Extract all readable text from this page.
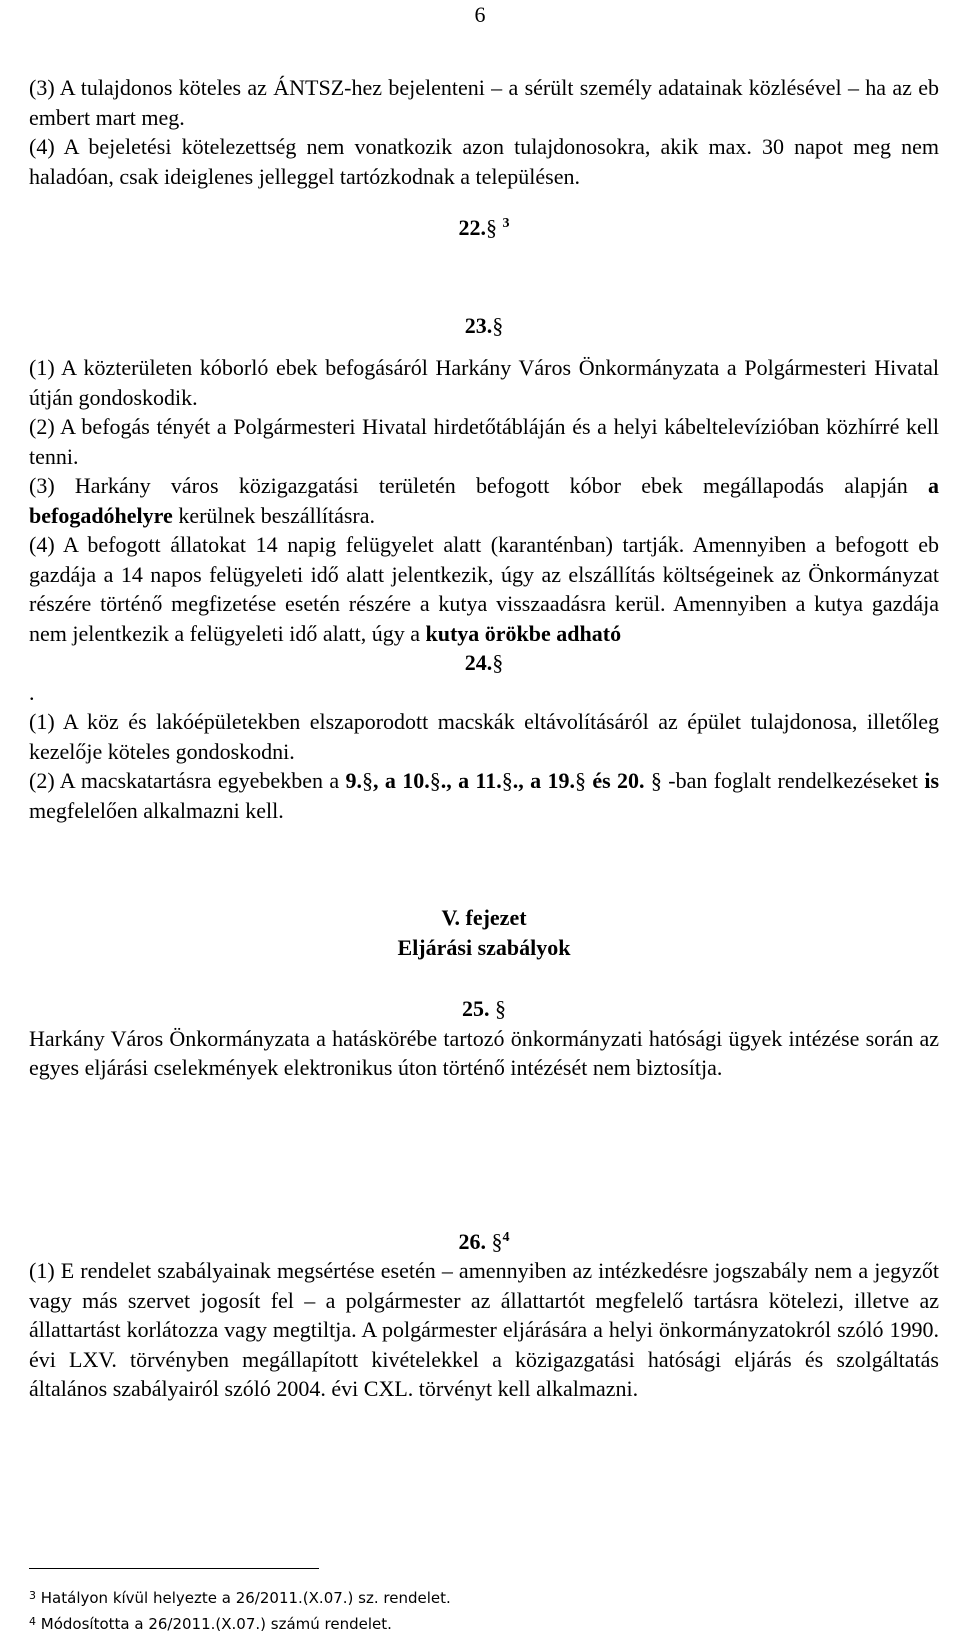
6

(3) A tulajdonos köteles az ÁNTSZ-hez bejelenteni – a sérült személy adatainak közlésével – ha az eb embert mart meg.

(4) A bejeletési kötelezettség nem vonatkozik azon tulajdonosokra, akik max. 30 napot meg nem haladóan, csak ideiglenes jelleggel tartózkodnak a településen.

22.§ $^3$

23.§

(1) A közterületen kóborló ebek befogásáról Harkány Város Önkormányzata a Polgármesteri Hivatal útján gondoskodik.

(2) A befogás tényét a Polgármesteri Hivatal hirdetőtábláján és a helyi kábeltelevízióban közhírré kell tenni.

(3) Harkány város közigazgatási területén befogott kóbor ebek megállapodás alapján a befogadóhelyre kerülnek beszállításra.

(4) A befogott állatokat 14 napig felügyelet alatt (karanténban) tartják. Amennyiben a befogott eb gazdája a 14 napos felügyeleti idő alatt jelentkezik, úgy az elszállítás költségeinek az Önkormányzat részére történő megfizetése esetén részére a kutya visszaadásra kerül. Amennyiben a kutya gazdája nem jelentkezik a felügyeleti idő alatt, úgy a kutya örökbe adható

24.§

.

(1) A köz és lakóépületekben elszaporodott macskák eltávolításáról az épület tulajdonosa, illetőleg kezelője köteles gondoskodni.

(2) A macskatartásra egyebekben a 9.§, a 10.§., a 11.§., a 19.§ és 20. § -ban foglalt rendelkezéseket is megfelelően alkalmazni kell.

V. fejezet

Eljárási szabályok

25. §

Harkány Város Önkormányzata a hatáskörébe tartozó önkormányzati hatósági ügyek intézése során az egyes eljárási cselekmények elektronikus úton történő intézését nem biztosítja.

26. §$^4$

(1) E rendelet szabályainak megsértése esetén – amennyiben az intézkedésre jogszabály nem a jegyzőt vagy más szervet jogosít fel – a polgármester az állattartót megfelelő tartásra kötelezi, illetve az állattartást korlátozza vagy megtiltja. A polgármester eljárására a helyi önkormányzatokról szóló 1990. évi LXV. törvényben megállapított kivételekkel a közigazgatási hatósági eljárás és szolgáltatás általános szabályairól szóló 2004. évi CXL. törvényt kell alkalmazni.

$^3$ Hatályon kívül helyezte a 26/2011.(X.07.) sz. rendelet.
$^4$ Módosította a 26/2011.(X.07.) számú rendelet.
